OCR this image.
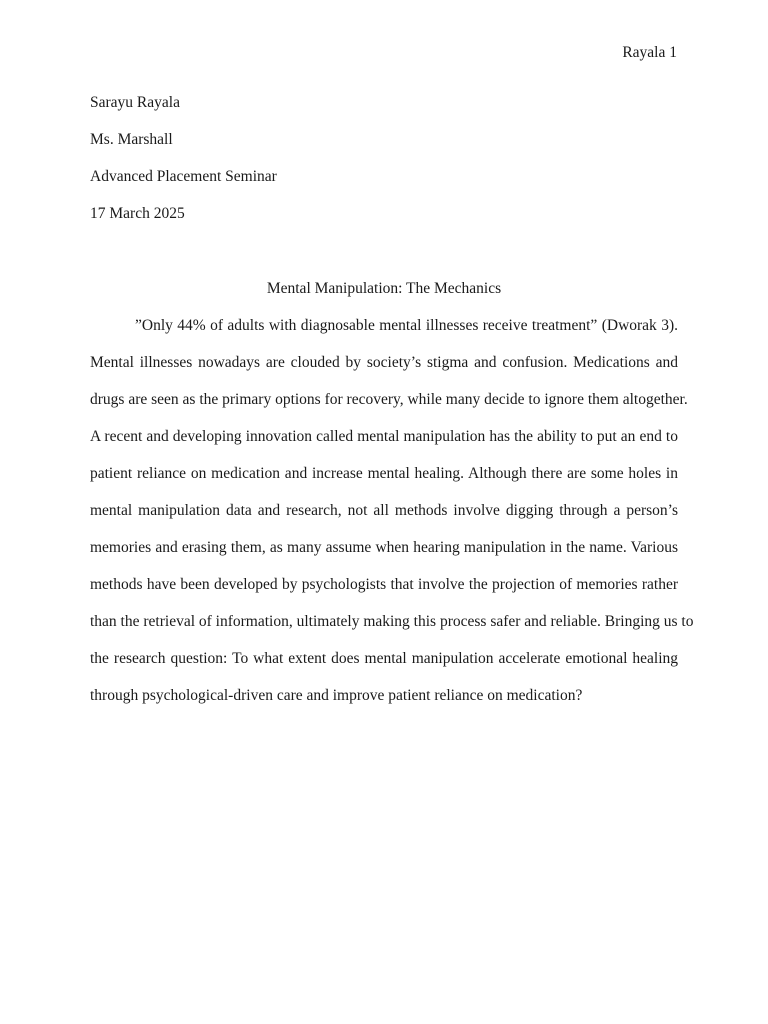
Rayala 1
Sarayu Rayala
Ms. Marshall
Advanced Placement Seminar
17 March 2025
Mental Manipulation: The Mechanics
”Only 44% of adults with diagnosable mental illnesses receive treatment” (Dworak 3).
Mental illnesses nowadays are clouded by society’s stigma and confusion. Medications and
drugs are seen as the primary options for recovery, while many decide to ignore them altogether.
A recent and developing innovation called mental manipulation has the ability to put an end to
patient reliance on medication and increase mental healing. Although there are some holes in
mental manipulation data and research, not all methods involve digging through a person’s
memories and erasing them, as many assume when hearing manipulation in the name. Various
methods have been developed by psychologists that involve the projection of memories rather
than the retrieval of information, ultimately making this process safer and reliable. Bringing us to
the research question: To what extent does mental manipulation accelerate emotional healing
through psychological-driven care and improve patient reliance on medication?
